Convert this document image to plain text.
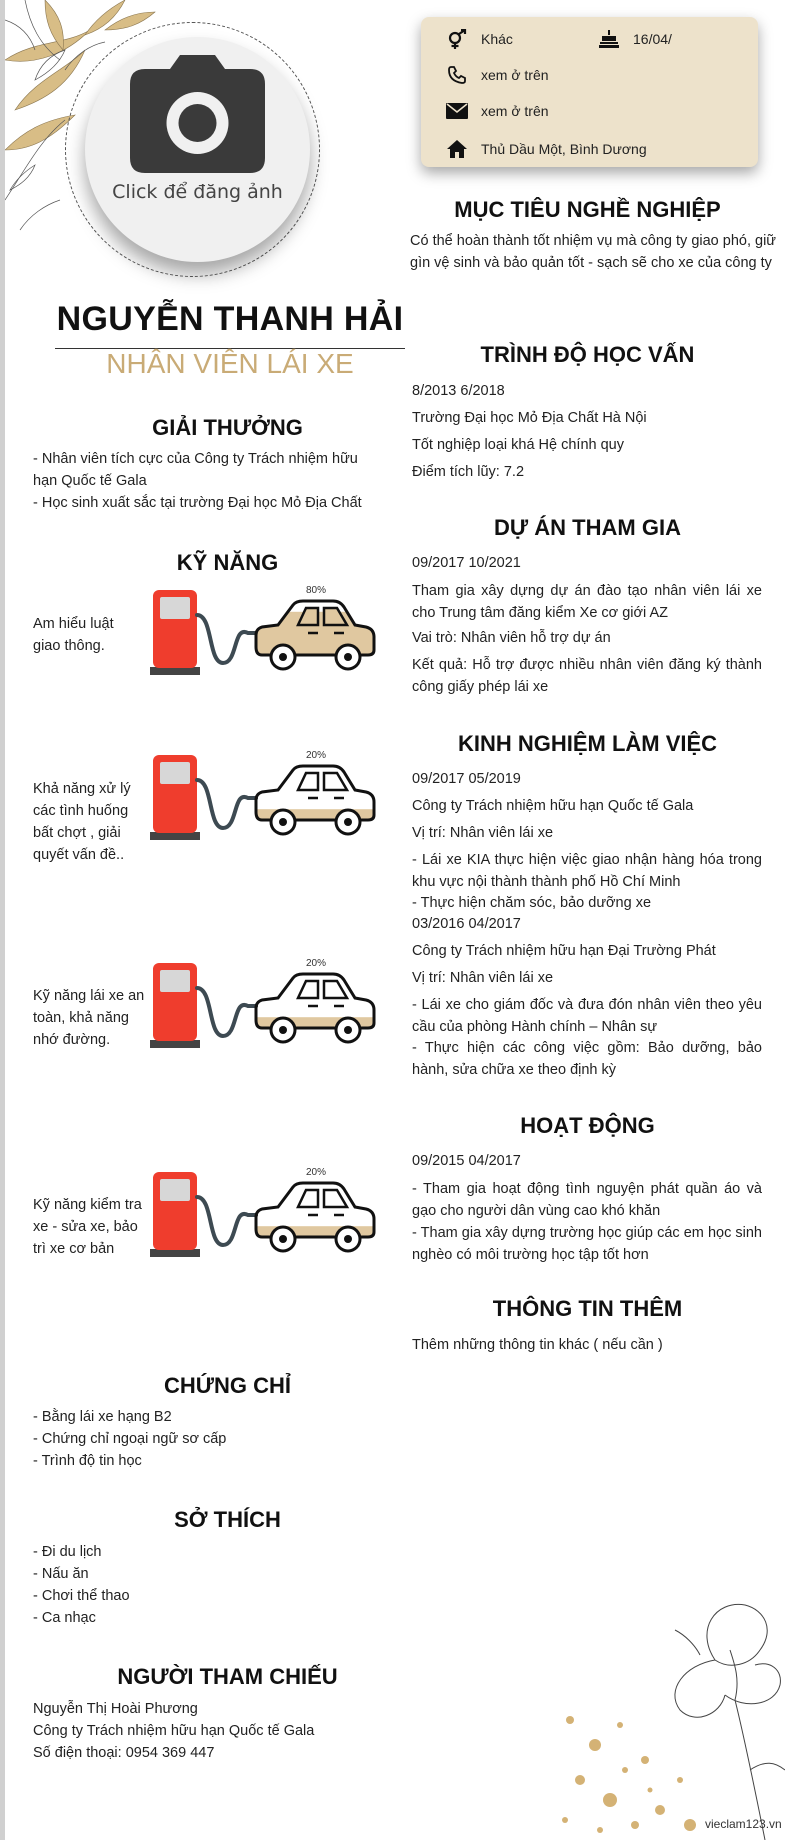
Click để đăng ảnh
Khác	16/04/
xem ở trên
xem ở trên
Thủ Dầu Một, Bình Dương
NGUYỄN THANH HẢI
NHÂN VIÊN LÁI XE
MỤC TIÊU NGHỀ NGHIỆP
Có thể hoàn thành tốt nhiệm vụ mà công ty giao phó, giữ gìn vệ sinh và bảo quản tốt - sạch sẽ cho xe của công ty
TRÌNH ĐỘ HỌC VẤN
8/2013 6/2018
Trường Đại học Mỏ Địa Chất Hà Nội
Tốt nghiệp loại khá Hệ chính quy
Điểm tích lũy: 7.2
DỰ ÁN THAM GIA
09/2017 10/2021
Tham gia xây dựng dự án đào tạo nhân viên lái xe cho Trung tâm đăng kiểm Xe cơ giới AZ
Vai trò: Nhân viên hỗ trợ dự án
Kết quả: Hỗ trợ được nhiều nhân viên đăng ký thành công giấy phép lái xe
KINH NGHIỆM LÀM VIỆC
09/2017 05/2019
Công ty Trách nhiệm hữu hạn Quốc tế Gala
Vị trí: Nhân viên lái xe
- Lái xe KIA thực hiện việc giao nhận hàng hóa trong khu vực nội thành thành phố Hồ Chí Minh
- Thực hiện chăm sóc, bảo dưỡng xe
03/2016 04/2017
Công ty Trách nhiệm hữu hạn Đại Trường Phát
Vị trí: Nhân viên lái xe
- Lái xe cho giám đốc và đưa đón nhân viên theo yêu cầu của phòng Hành chính – Nhân sự
- Thực hiện các công việc gồm: Bảo dưỡng, bảo hành, sửa chữa xe theo định kỳ
HOẠT ĐỘNG
09/2015 04/2017
- Tham gia hoạt động tình nguyện phát quần áo và gạo cho người dân vùng cao khó khăn
- Tham gia xây dựng trường học giúp các em học sinh nghèo có môi trường học tập tốt hơn
THÔNG TIN THÊM
Thêm những thông tin khác ( nếu cần )
GIẢI THƯỞNG
- Nhân viên tích cực của Công ty Trách nhiệm hữu hạn Quốc tế Gala
- Học sinh xuất sắc tại trường Đại học Mỏ Địa Chất
KỸ NĂNG
Am hiểu luật giao thông.
80%
Khả năng xử lý các tình huống bất chợt , giải quyết vấn đề..
20%
Kỹ năng lái xe an toàn, khả năng nhớ đường.
20%
Kỹ năng kiểm tra xe - sửa xe, bảo trì xe cơ bản
20%
CHỨNG CHỈ
- Bằng lái xe hạng B2
- Chứng chỉ ngoại ngữ sơ cấp
- Trình độ tin học
SỞ THÍCH
- Đi du lịch
- Nấu ăn
- Chơi thể thao
- Ca nhạc
NGƯỜI THAM CHIẾU
Nguyễn Thị Hoài Phương
Công ty Trách nhiệm hữu hạn Quốc tế Gala
Số điện thoại: 0954 369 447
vieclam123.vn
